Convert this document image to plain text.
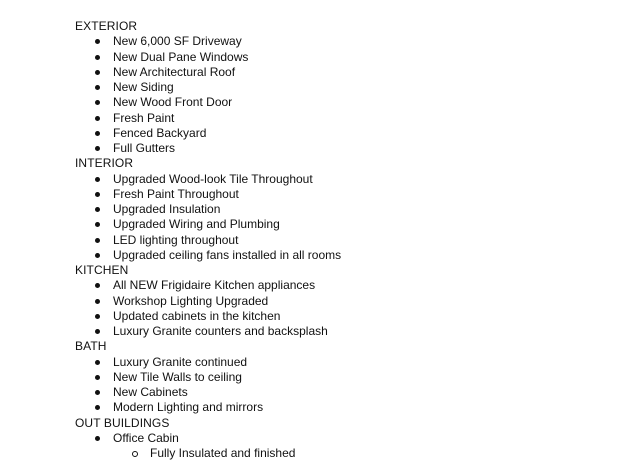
EXTERIOR
New 6,000 SF Driveway
New Dual Pane Windows
New Architectural Roof
New Siding
New Wood Front Door
Fresh Paint
Fenced Backyard
Full Gutters
INTERIOR
Upgraded Wood-look Tile Throughout
Fresh Paint Throughout
Upgraded Insulation
Upgraded Wiring and Plumbing
LED lighting throughout
Upgraded ceiling fans installed in all rooms
KITCHEN
All NEW Frigidaire Kitchen appliances
Workshop Lighting Upgraded
Updated cabinets in the kitchen
Luxury Granite counters and backsplash
BATH
Luxury Granite continued
New Tile Walls to ceiling
New Cabinets
Modern Lighting and mirrors
OUT BUILDINGS
Office Cabin
Fully Insulated and finished
